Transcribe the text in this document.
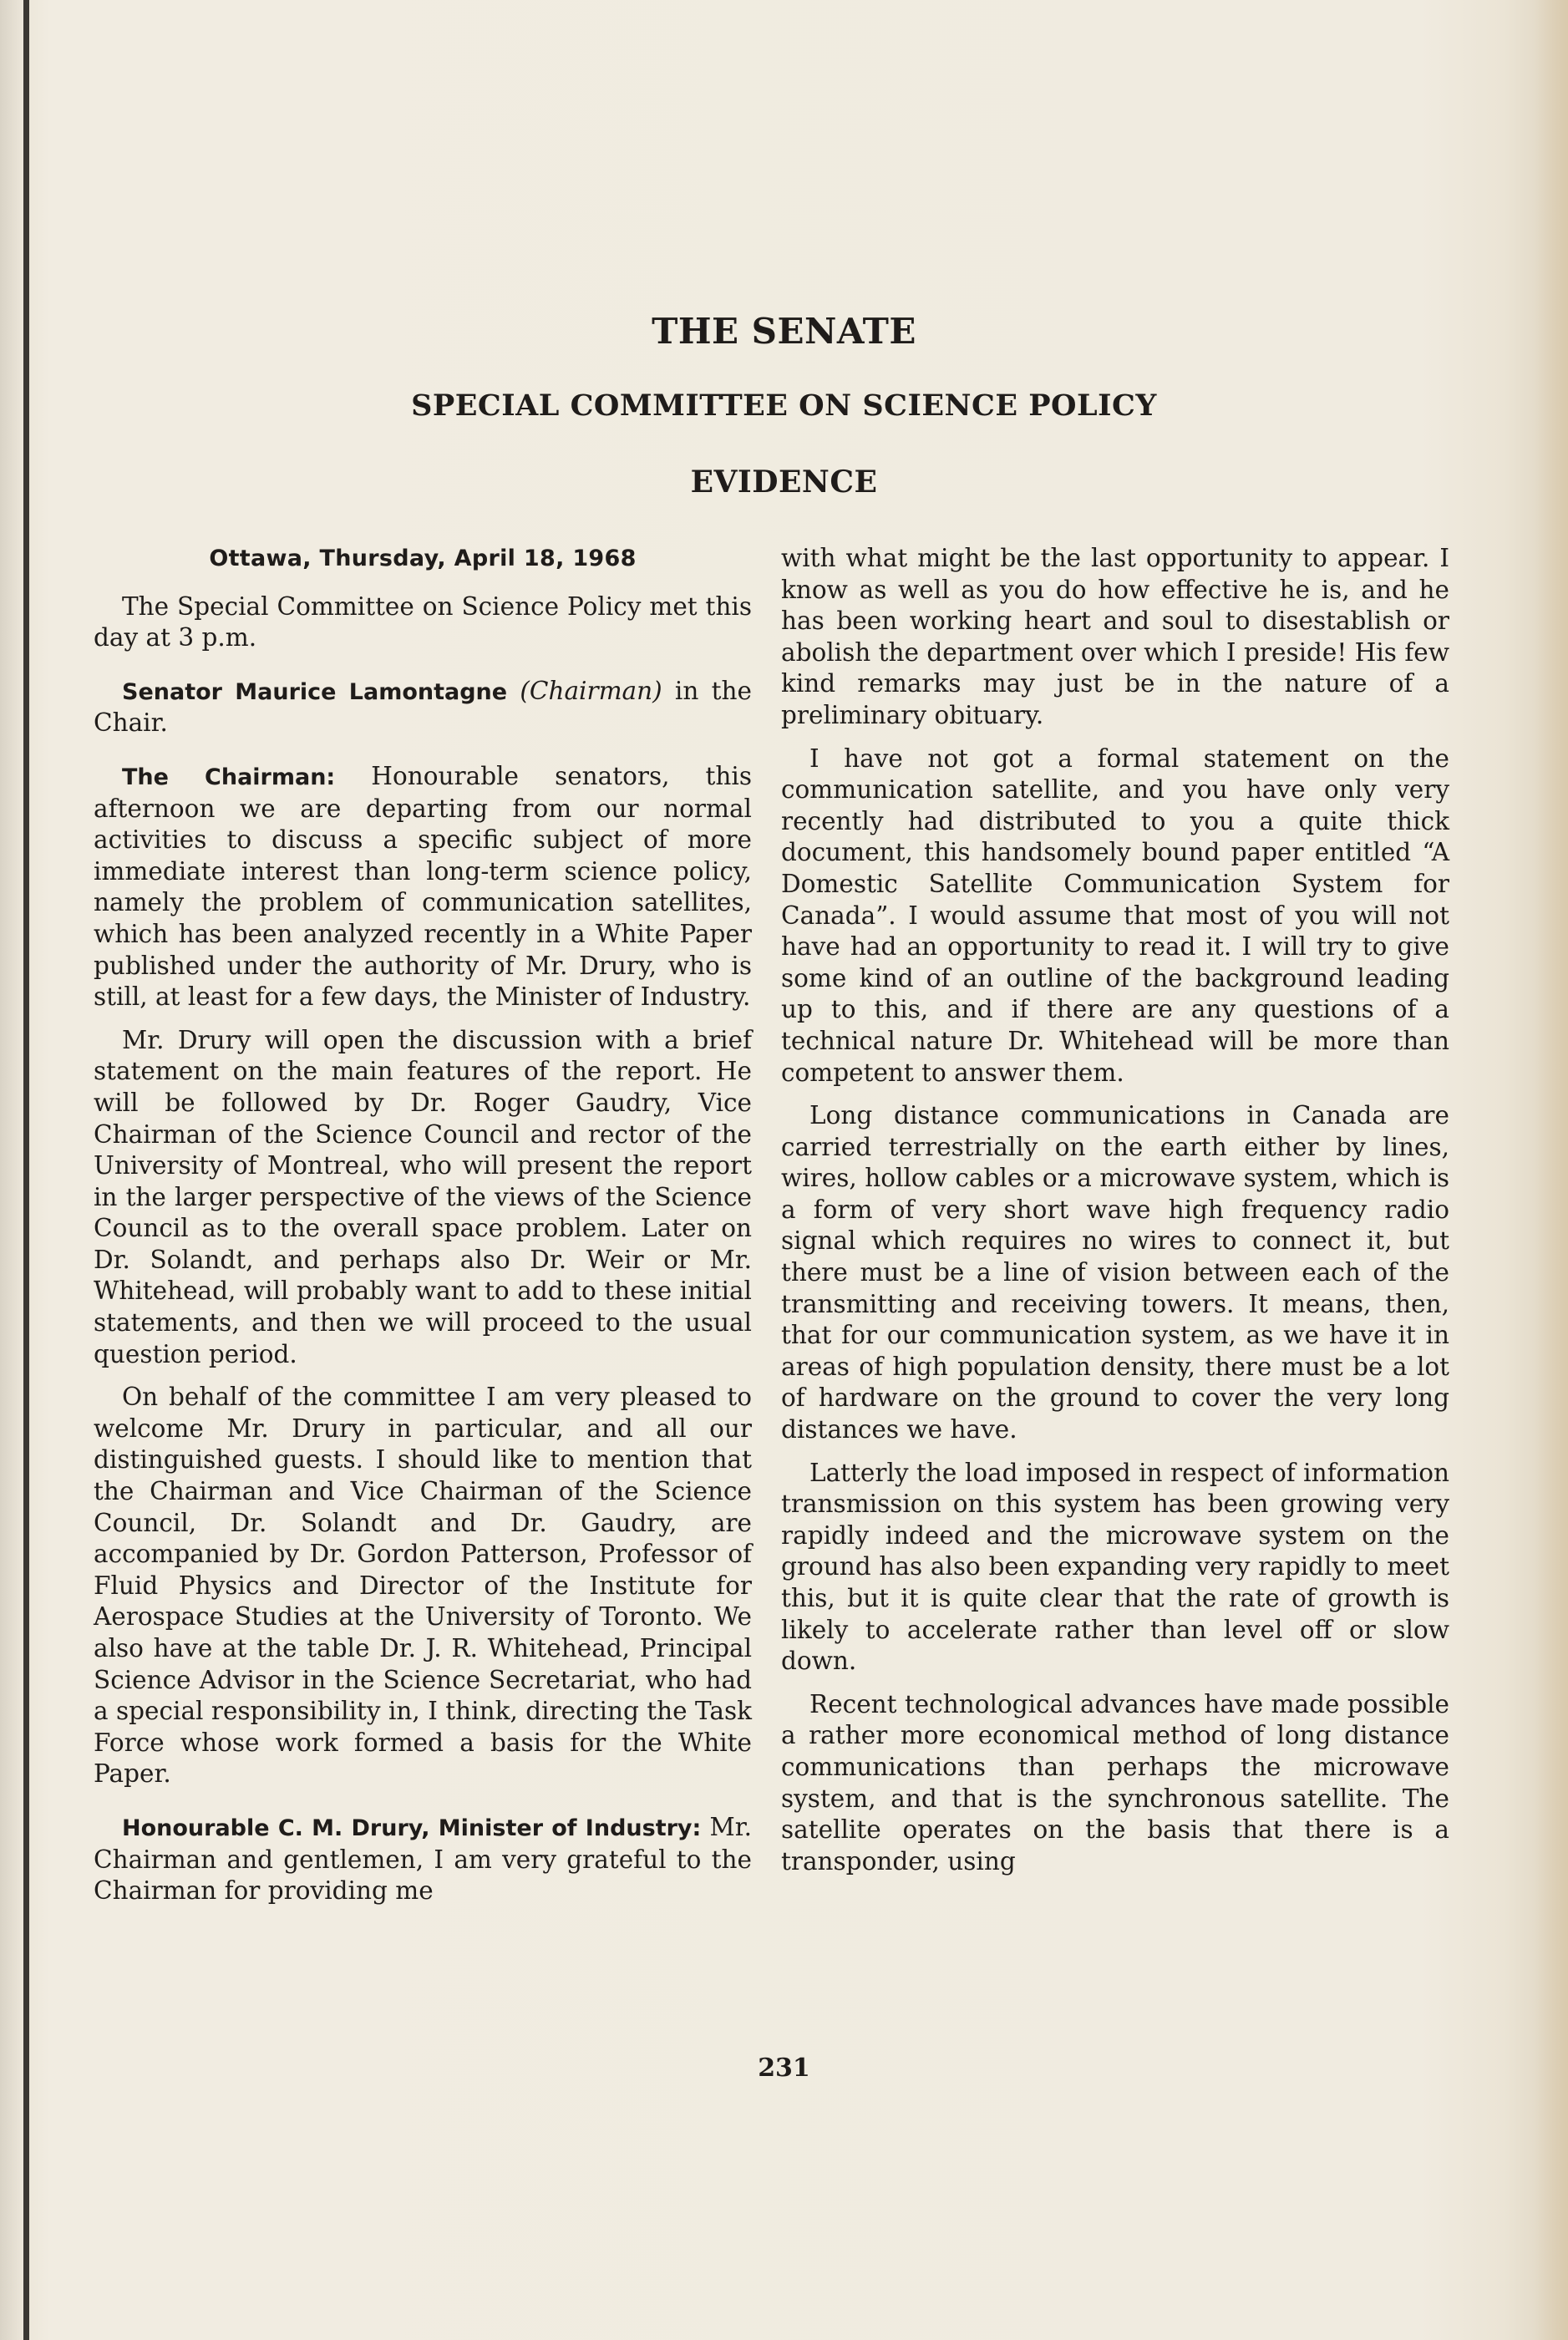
THE SENATE
SPECIAL COMMITTEE ON SCIENCE POLICY
EVIDENCE
Ottawa, Thursday, April 18, 1968

The Special Committee on Science Policy met this day at 3 p.m.

Senator Maurice Lamontagne (Chairman) in the Chair.

The Chairman: Honourable senators, this afternoon we are departing from our normal activities to discuss a specific subject of more immediate interest than long-term science policy, namely the problem of communication satellites, which has been analyzed recently in a White Paper published under the authority of Mr. Drury, who is still, at least for a few days, the Minister of Industry.

Mr. Drury will open the discussion with a brief statement on the main features of the report. He will be followed by Dr. Roger Gaudry, Vice Chairman of the Science Council and rector of the University of Montreal, who will present the report in the larger perspective of the views of the Science Council as to the overall space problem. Later on Dr. Solandt, and perhaps also Dr. Weir or Mr. Whitehead, will probably want to add to these initial statements, and then we will proceed to the usual question period.

On behalf of the committee I am very pleased to welcome Mr. Drury in particular, and all our distinguished guests. I should like to mention that the Chairman and Vice Chairman of the Science Council, Dr. Solandt and Dr. Gaudry, are accompanied by Dr. Gordon Patterson, Professor of Fluid Physics and Director of the Institute for Aerospace Studies at the University of Toronto. We also have at the table Dr. J. R. Whitehead, Principal Science Advisor in the Science Secretariat, who had a special responsibility in, I think, directing the Task Force whose work formed a basis for the White Paper.

Honourable C. M. Drury, Minister of Industry: Mr. Chairman and gentlemen, I am very grateful to the Chairman for providing me

with what might be the last opportunity to appear. I know as well as you do how effective he is, and he has been working heart and soul to disestablish or abolish the department over which I preside! His few kind remarks may just be in the nature of a preliminary obituary.

I have not got a formal statement on the communication satellite, and you have only very recently had distributed to you a quite thick document, this handsomely bound paper entitled “A Domestic Satellite Communication System for Canada”. I would assume that most of you will not have had an opportunity to read it. I will try to give some kind of an outline of the background leading up to this, and if there are any questions of a technical nature Dr. Whitehead will be more than competent to answer them.

Long distance communications in Canada are carried terrestrially on the earth either by lines, wires, hollow cables or a microwave system, which is a form of very short wave high frequency radio signal which requires no wires to connect it, but there must be a line of vision between each of the transmitting and receiving towers. It means, then, that for our communication system, as we have it in areas of high population density, there must be a lot of hardware on the ground to cover the very long distances we have.

Latterly the load imposed in respect of information transmission on this system has been growing very rapidly indeed and the microwave system on the ground has also been expanding very rapidly to meet this, but it is quite clear that the rate of growth is likely to accelerate rather than level off or slow down.

Recent technological advances have made possible a rather more economical method of long distance communications than perhaps the microwave system, and that is the synchronous satellite. The satellite operates on the basis that there is a transponder, using

231
